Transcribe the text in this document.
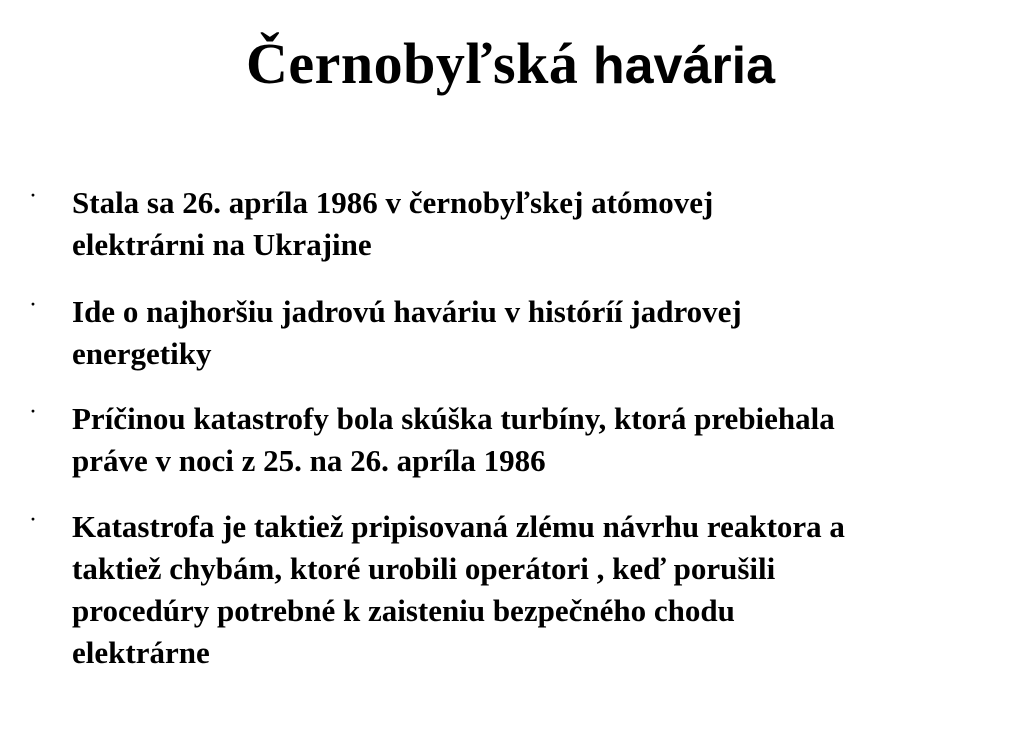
Černobyľská havária
· Stala sa 26. apríla 1986 v černobyľskej atómovej
elektrárni na Ukrajine
· Ide o najhoršiu jadrovú haváriu v históríí jadrovej
energetiky
· Príčinou katastrofy bola skúška turbíny, ktorá prebiehala
práve v noci z 25. na 26. apríla 1986
· Katastrofa je taktiež pripisovaná zlému návrhu reaktora a
taktiež chybám, ktoré urobili operátori , keď porušili
procedúry potrebné k zaisteniu bezpečného chodu
elektrárne
